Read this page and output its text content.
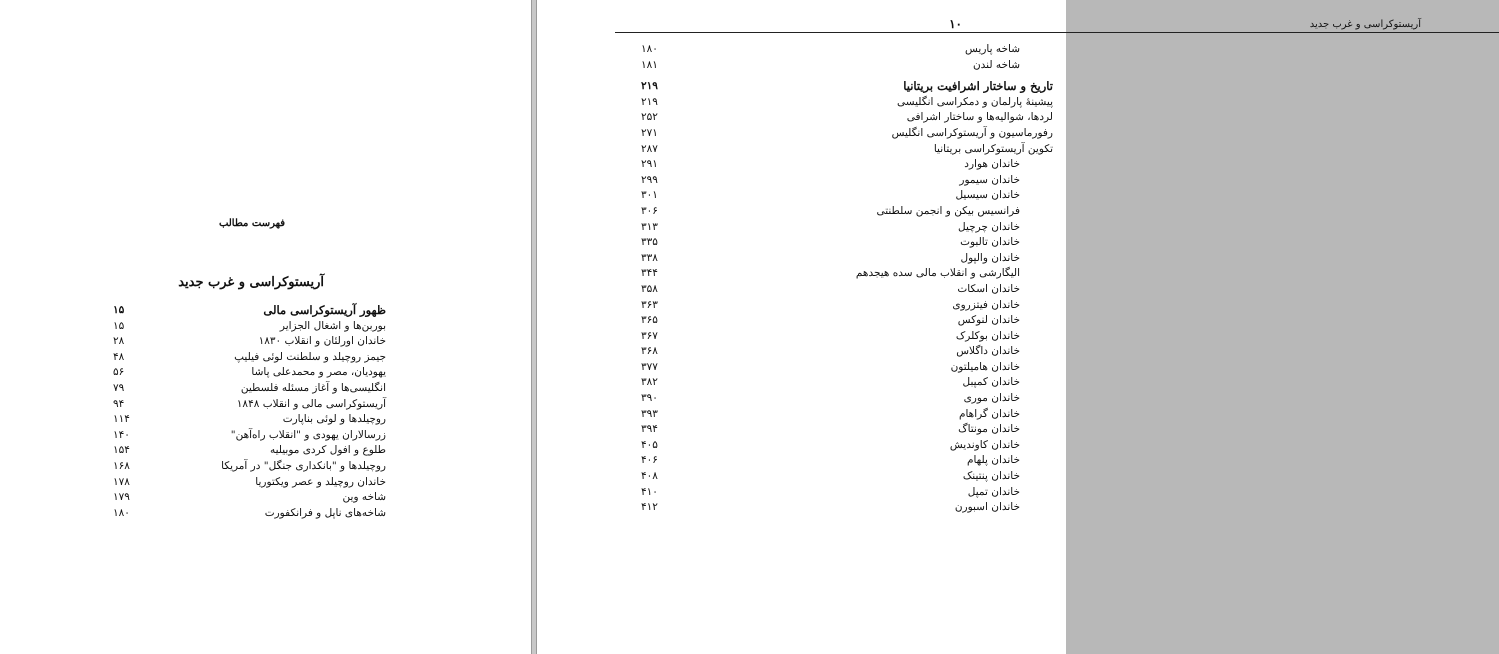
فهرست مطالب
آریستوکراسی و غرب جدید
ظهور آریستوکراسی مالی
۱۵
بوربن‌ها و اشغال الجزایر
۱۵
خاندان اورلئان و انقلاب ۱۸۳۰
۲۸
جیمز روچیلد و سلطنت لوئی فیلیپ
۴۸
یهودیان، مصر و محمدعلی پاشا
۵۶
انگلیسی‌ها و آغاز مسئله فلسطین
۷۹
آریستوکراسی مالی و انقلاب ۱۸۴۸
۹۴
روچیلدها و لوئی بناپارت
۱۱۴
زرسالاران یهودی و "انقلاب راه‌آهن"
۱۴۰
طلوع و افول کردی موبیلیه
۱۵۴
روچیلدها و "بانکداری جنگل" در آمریکا
۱۶۸
خاندان روچیلد و عصر ویکتوریا
۱۷۸
شاخه وین
۱۷۹
شاخه‌های ناپل و فرانکفورت
۱۸۰
آریستوکراسی و غرب جدید
۱۰
شاخه پاریس
۱۸۰
شاخه لندن
۱۸۱
تاریخ و ساختار اشرافیت بریتانیا
۲۱۹
پیشینهٔ پارلمان و دمکراسی انگلیسی
۲۱۹
لردها، شوالیه‌ها و ساختار اشرافی
۲۵۲
رفورماسیون و آریستوکراسی انگلیس
۲۷۱
تکوین آریستوکراسی بریتانیا
۲۸۷
خاندان هوارد
۲۹۱
خاندان سیمور
۲۹۹
خاندان سیسیل
۳۰۱
فرانسیس بیکن و انجمن سلطنتی
۳۰۶
خاندان چرچیل
۳۱۳
خاندان تالبوت
۳۳۵
خاندان والپول
۳۳۸
الیگارشی و انقلاب مالی سده هیجدهم
۳۴۴
خاندان اسکات
۳۵۸
خاندان فیتزروی
۳۶۳
خاندان لنوکس
۳۶۵
خاندان بوکلرک
۳۶۷
خاندان داگلاس
۳۶۸
خاندان هامیلتون
۳۷۷
خاندان کمپبل
۳۸۲
خاندان موری
۳۹۰
خاندان گراهام
۳۹۳
خاندان مونتاگ
۳۹۴
خاندان کاوندیش
۴۰۵
خاندان پلهام
۴۰۶
خاندان پنتینک
۴۰۸
خاندان تمپل
۴۱۰
خاندان اسبورن
۴۱۲
